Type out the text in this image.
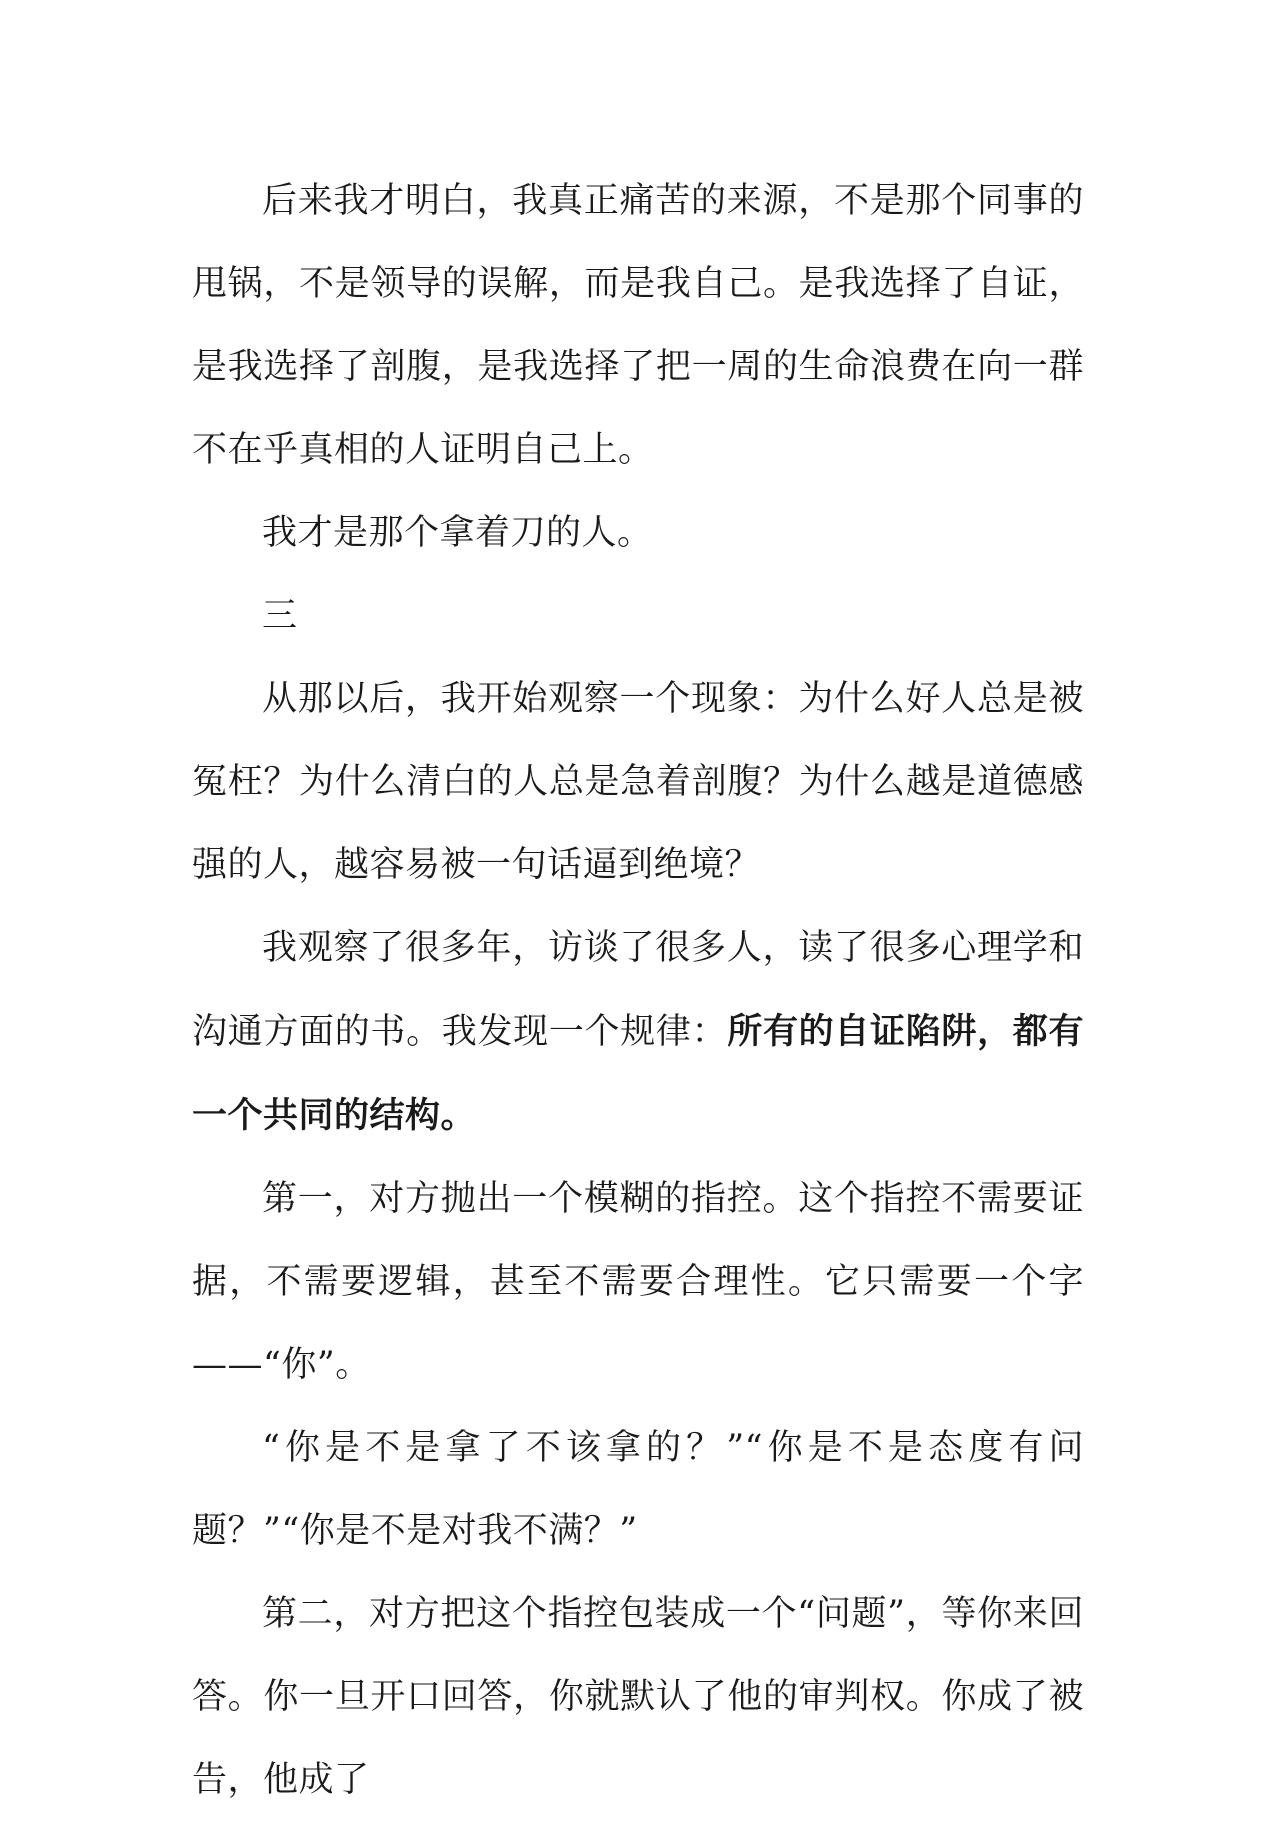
后来我才明白，我真正痛苦的来源，不是那个同事的甩锅，不是领导的误解，而是我自己。是我选择了自证，是我选择了剖腹，是我选择了把一周的生命浪费在向一群不在乎真相的人证明自己上。

我才是那个拿着刀的人。

三

从那以后，我开始观察一个现象：为什么好人总是被冤枉？为什么清白的人总是急着剖腹？为什么越是道德感强的人，越容易被一句话逼到绝境？

我观察了很多年，访谈了很多人，读了很多心理学和沟通方面的书。我发现一个规律：所有的自证陷阱，都有一个共同的结构。

第一，对方抛出一个模糊的指控。这个指控不需要证据，不需要逻辑，甚至不需要合理性。它只需要一个字——“你”。

“你是不是拿了不该拿的？”“你是不是态度有问题？”“你是不是对我不满？”

第二，对方把这个指控包装成一个“问题”，等你来回答。你一旦开口回答，你就默认了他的审判权。你成了被告，他成了
